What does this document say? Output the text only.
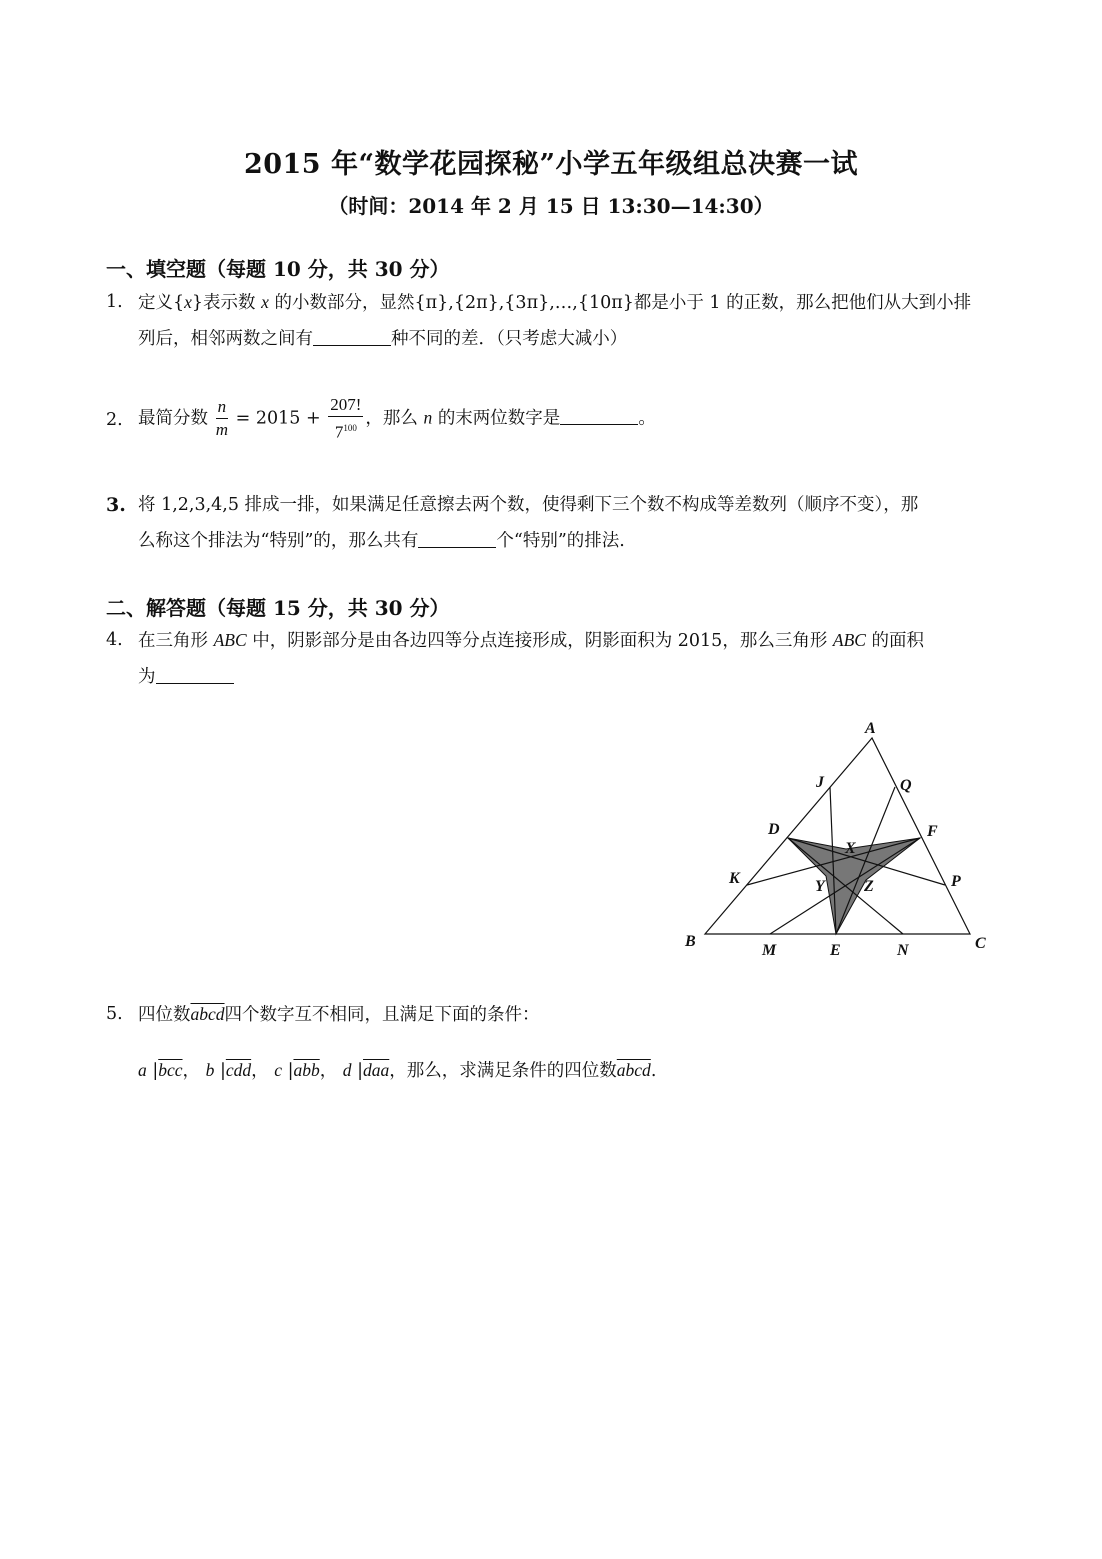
2015 年“数学花园探秘”小学五年级组总决赛一试
（时间：2014 年 2 月 15 日 13:30—14:30）
一、填空题（每题 10 分，共 30 分）
1. 定义{x}表示数 x 的小数部分，显然{π},{2π},{3π},…,{10π}都是小于 1 的正数，那么把他们从大到小排
列后，相邻两数之间有	种不同的差．（只考虑大减小）
2. 最简分数 $\frac{n}{m} = 2015 + \frac{207!}{7^{100}}$ ，那么 n 的末两位数字是	。
3. 将 1,2,3,4,5 排成一排，如果满足任意擦去两个数，使得剩下三个数不构成等差数列（顺序不变），那
么称这个排法为“特别”的，那么共有	个“特别”的排法.
二、解答题（每题 15 分，共 30 分）
4. 在三角形 ABC 中，阴影部分是由各边四等分点连接形成，阴影面积为 2015，那么三角形 ABC 的面积
为
A
B	C
D
E
F
J
K
M	N
P
Q
X
Y Z
5. 四位数abcd四个数字互不相同，且满足下面的条件：
a $|\overline{bcc}$， b $|\overline{cdd}$， c $|\overline{abb}$， d $|\overline{daa}$，那么，求满足条件的四位数abcd.
